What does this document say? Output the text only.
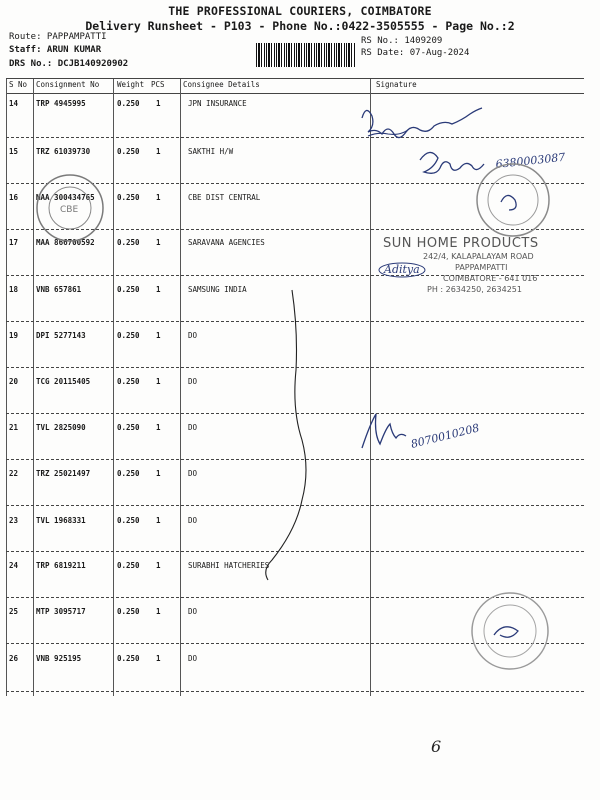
THE PROFESSIONAL COURIERS, COIMBATORE
Delivery Runsheet - P103 - Phone No.:0422-3505555 - Page No.:2
Route: PAPPAMPATTI
Staff: ARUN KUMAR
DRS No.: DCJB140920902
RS No.: 1409209
RS Date: 07-Aug-2024
S No Consignment No Weight PCS Consignee Details	Signature
14 TRP 4945995	0.250 1	JPN INSURANCE
15 TRZ 61039730	0.250 1	SAKTHI H/W
16 MAA 300434765	0.250 1	CBE DIST CENTRAL
17 MAA 866700592	0.250 1	SARAVANA AGENCIES
18 VNB 657861	0.250 1	SAMSUNG INDIA
19 DPI 5277143	0.250 1	DO
20 TCG 20115405	0.250 1	DO
21 TVL 2825090	0.250 1	DO
22 TRZ 25021497	0.250 1	DO
23 TVL 1968331	0.250 1	DO
24 TRP 6819211	0.250 1	SURABHI HATCHERIES
25 MTP 3095717	0.250 1	DO
26 VNB 925195	0.250 1	DO
SUN HOME PRODUCTS
242/4, KALAPALAYAM ROAD
PAPPAMPATTI
COIMBATORE - 641 016
PH : 2634250, 2634251
6380003087
CBE
Aditya
8070010208
6
